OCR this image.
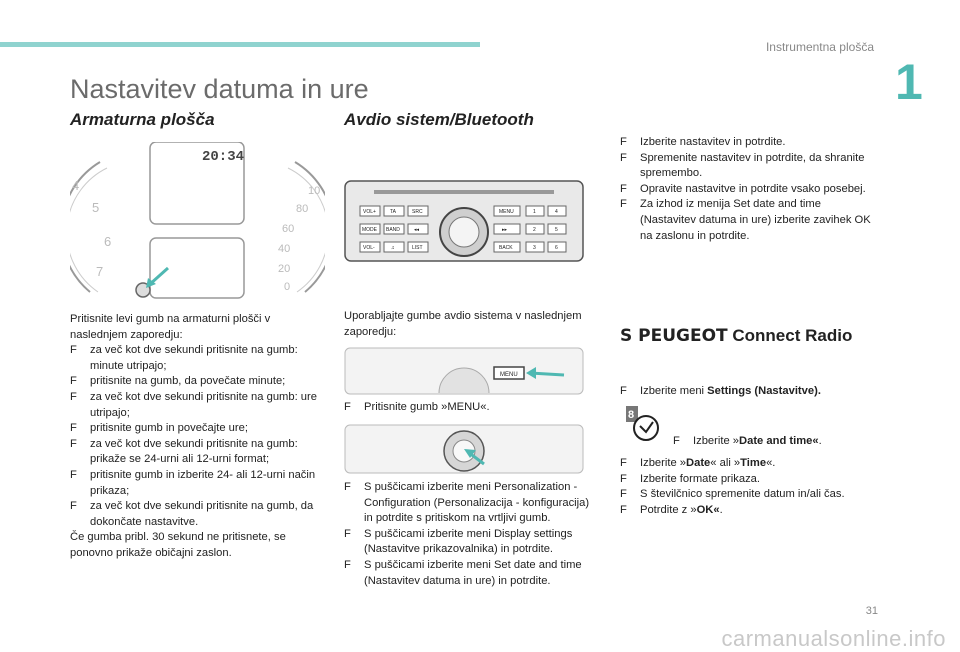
Instrumentna plošča
1
Nastavitev datuma in ure
Armaturna plošča
4
5
6
7
10
80
60
40
20
0
20:34
Pritisnite levi gumb na armaturni plošči v naslednjem zaporedju:
F	za več kot dve sekundi pritisnite na gumb: minute utripajo;
F	pritisnite na gumb, da povečate minute;
F	za več kot dve sekundi pritisnite na gumb: ure utripajo;
F	pritisnite gumb in povečajte ure;
F	za več kot dve sekundi pritisnite na gumb: prikaže se 24-urni ali 12-urni format;
F	pritisnite gumb in izberite 24- ali 12-urni način prikaza;
F	za več kot dve sekundi pritisnite na gumb, da dokončate nastavitve.
Če gumba pribl. 30 sekund ne pritisnete, se ponovno prikaže običajni zaslon.
Avdio sistem/Bluetooth
VOL+	TA	SRC	MENU	1	4
MODE BAND	◂◂	▸▸	2	5
VOL-	♫	LIST	BACK	3	6
Uporabljajte gumbe avdio sistema v naslednjem zaporedju:
MENU
F	Pritisnite gumb »MENU«.
F	S puščicami izberite meni Personalization - Configuration (Personalizacija - konfiguracija) in potrdite s pritiskom na vrtljivi gumb.
F	S puščicami izberite meni Display settings (Nastavitve prikazovalnika) in potrdite.
F	S puščicami izberite meni Set date and time (Nastavitev datuma in ure) in potrdite.
F	Izberite nastavitev in potrdite.
F	Spremenite nastavitev in potrdite, da shranite spremembo.
F	Opravite nastavitve in potrdite vsako posebej.
F	Za izhod iz menija Set date and time (Nastavitev datuma in ure) izberite zavihek OK na zaslonu in potrdite.
S PEUGEOT Connect Radio
F	Izberite meni Settings (Nastavitve).
8
F	Izberite »Date and time«.
F	Izberite »Date« ali »Time«.
F	Izberite formate prikaza.
F	S številčnico spremenite datum in/ali čas.
F	Potrdite z »OK«.
31
carmanualsonline.info
